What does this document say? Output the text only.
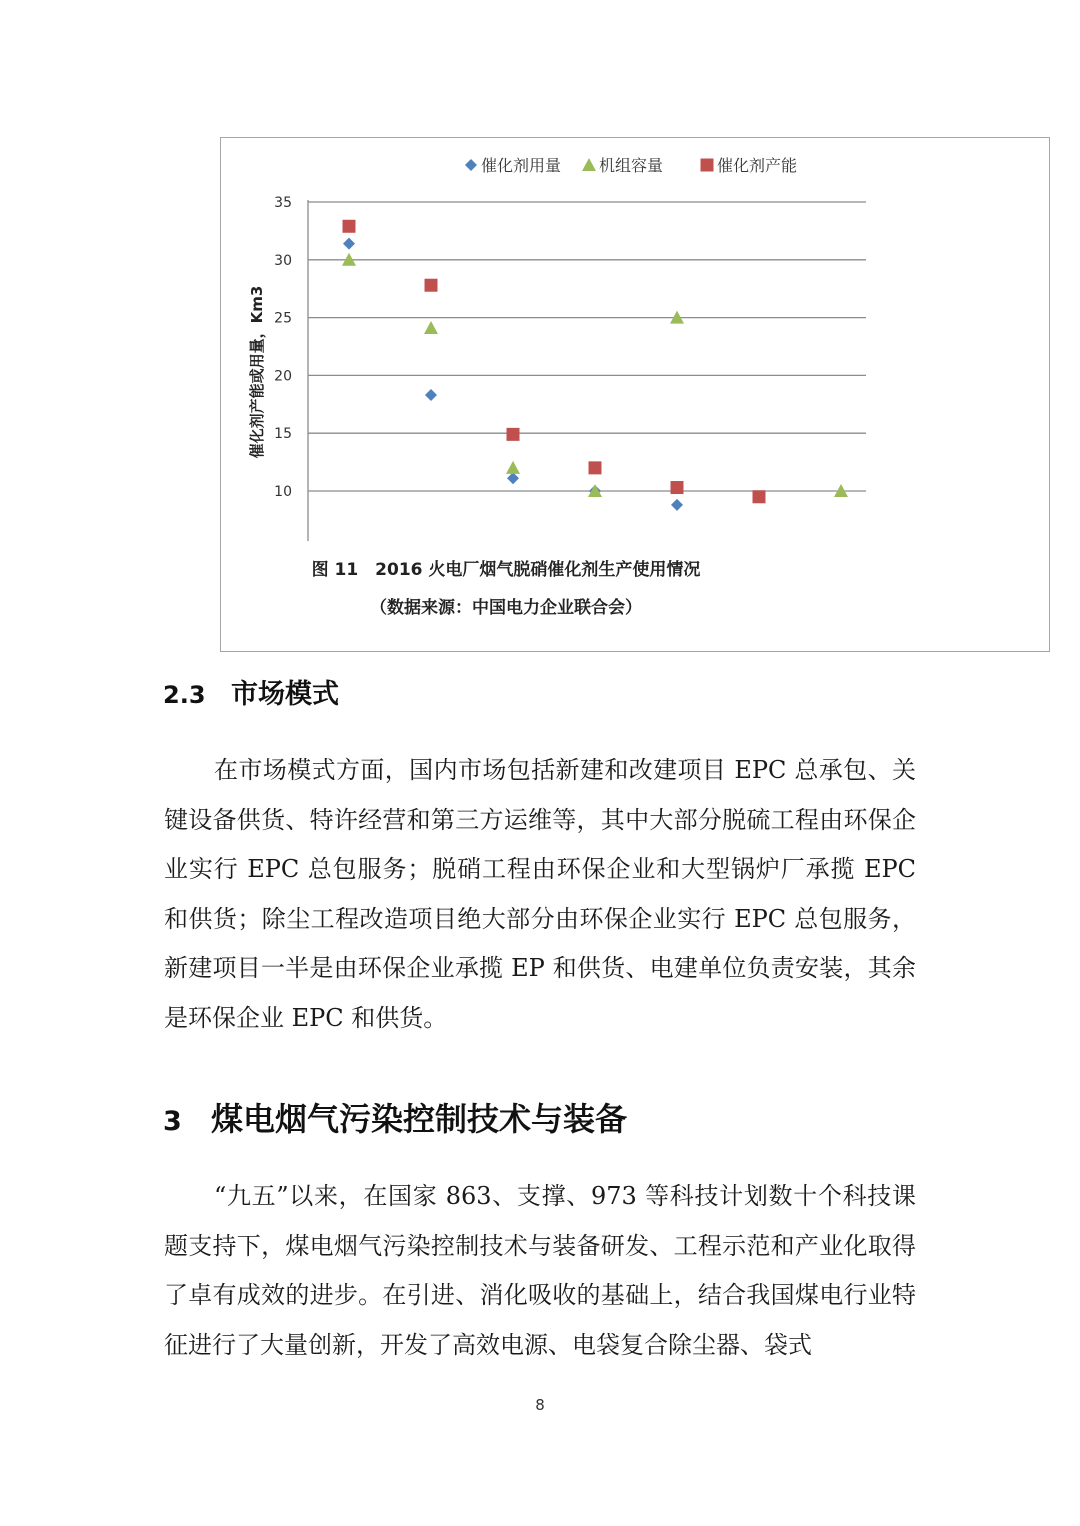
10
15
20
25
30
35
催化剂产能或用量，Km3
催化剂用量 机组容量	催化剂产能
图 11　2016 火电厂烟气脱硝催化剂生产使用情况
（数据来源：中国电力企业联合会）
2.3 市场模式

在市场模式方面，国内市场包括新建和改建项目 EPC 总承包、关键设备供货、特许经营和第三方运维等，其中大部分脱硫工程由环保企业实行 EPC 总包服务；脱硝工程由环保企业和大型锅炉厂承揽 EPC 和供货；除尘工程改造项目绝大部分由环保企业实行 EPC 总包服务，新建项目一半是由环保企业承揽 EP 和供货、电建单位负责安装，其余是环保企业 EPC 和供货。

3 煤电烟气污染控制技术与装备

“九五”以来，在国家 863、支撑、973 等科技计划数十个科技课题支持下，煤电烟气污染控制技术与装备研发、工程示范和产业化取得了卓有成效的进步。在引进、消化吸收的基础上，结合我国煤电行业特征进行了大量创新，开发了高效电源、电袋复合除尘器、袋式

8
